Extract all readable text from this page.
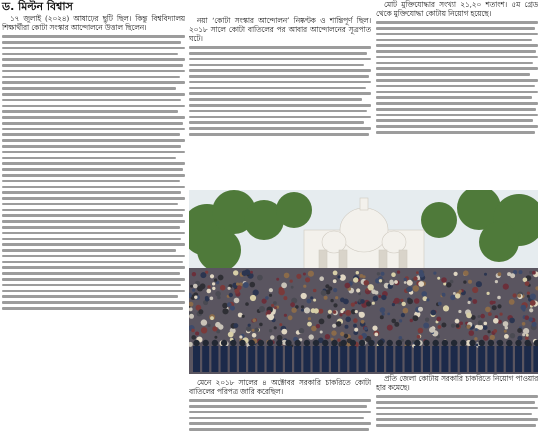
ড. মিল্টন বিশ্বাস

১৭ জুলাই (২০২৪) আষাঢ়ের ছুটি ছিল। কিন্তু বিশ্ববিদ্যালয় শিক্ষার্থীরা কোটা সংস্কার আন্দোলনে উত্তাল ছিলেন।

নয়া ‘কোটা সংস্কার আন্দোলন’ নিষ্কণ্টক ও শান্তিপূর্ণ ছিল। ২০১৮ সালে কোটা বাতিলের পর আবার আন্দোলনের সূত্রপাত ঘটে।

মোট মুক্তিযোদ্ধার সংখ্যা ২১,২০ শতাংশ। ৫ম গ্রেড থেকে মুক্তিযোদ্ধা কোটায় নিয়োগ হয়েছে।

মেনে ২০১৮ সালের ৪ অক্টোবর সরকারি চাকরিতে কোটা বাতিলের পরিপত্র জারি করেছিল।

প্রতি জেলা কোটায় সরকারি চাকরিতে নিয়োগ পাওয়ার হার কমেছে।
